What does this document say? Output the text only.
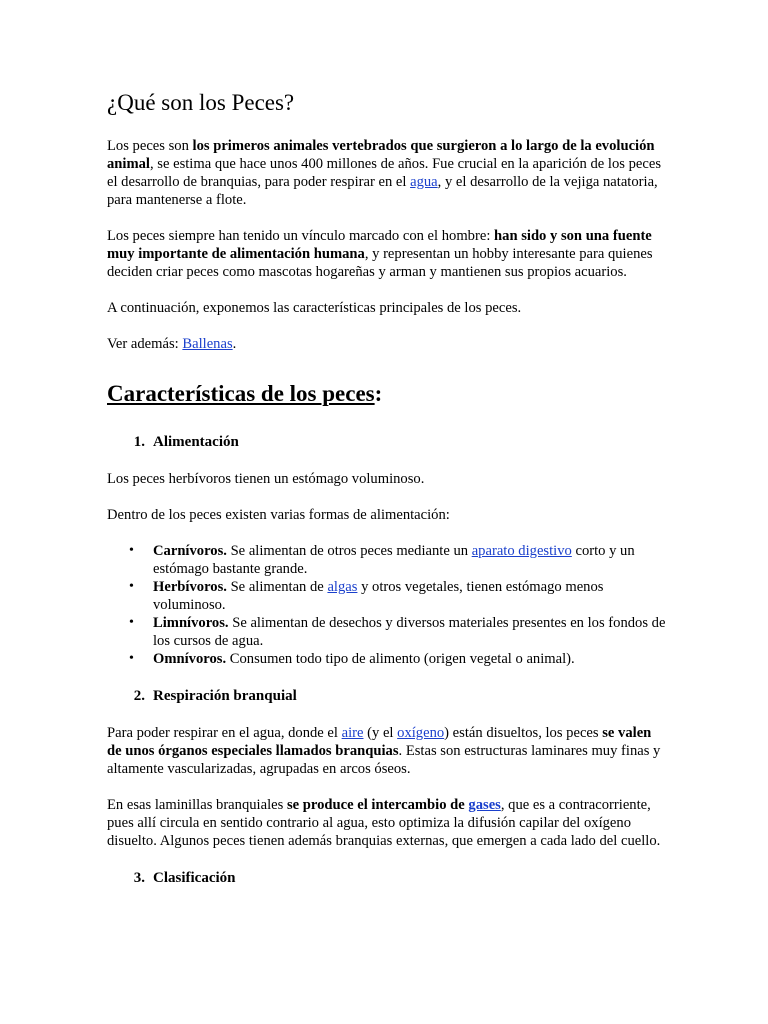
¿Qué son los Peces?

Los peces son los primeros animales vertebrados que surgieron a lo largo de la evolución animal, se estima que hace unos 400 millones de años. Fue crucial en la aparición de los peces el desarrollo de branquias, para poder respirar en el agua, y el desarrollo de la vejiga natatoria, para mantenerse a flote.

Los peces siempre han tenido un vínculo marcado con el hombre: han sido y son una fuente muy importante de alimentación humana, y representan un hobby interesante para quienes deciden criar peces como mascotas hogareñas y arman y mantienen sus propios acuarios.

A continuación, exponemos las características principales de los peces.

Ver además: Ballenas.

Características de los peces:
1. Alimentación

Los peces herbívoros tienen un estómago voluminoso.

Dentro de los peces existen varias formas de alimentación:

• Carnívoros. Se alimentan de otros peces mediante un aparato digestivo corto y un estómago bastante grande.
• Herbívoros. Se alimentan de algas y otros vegetales, tienen estómago menos voluminoso.
• Limnívoros. Se alimentan de desechos y diversos materiales presentes en los fondos de los cursos de agua.
• Omnívoros. Consumen todo tipo de alimento (origen vegetal o animal).
2. Respiración branquial

Para poder respirar en el agua, donde el aire (y el oxígeno) están disueltos, los peces se valen de unos órganos especiales llamados branquias. Estas son estructuras laminares muy finas y altamente vascularizadas, agrupadas en arcos óseos.

En esas laminillas branquiales se produce el intercambio de gases, que es a contracorriente, pues allí circula en sentido contrario al agua, esto optimiza la difusión capilar del oxígeno disuelto. Algunos peces tienen además branquias externas, que emergen a cada lado del cuello.

3. Clasificación
